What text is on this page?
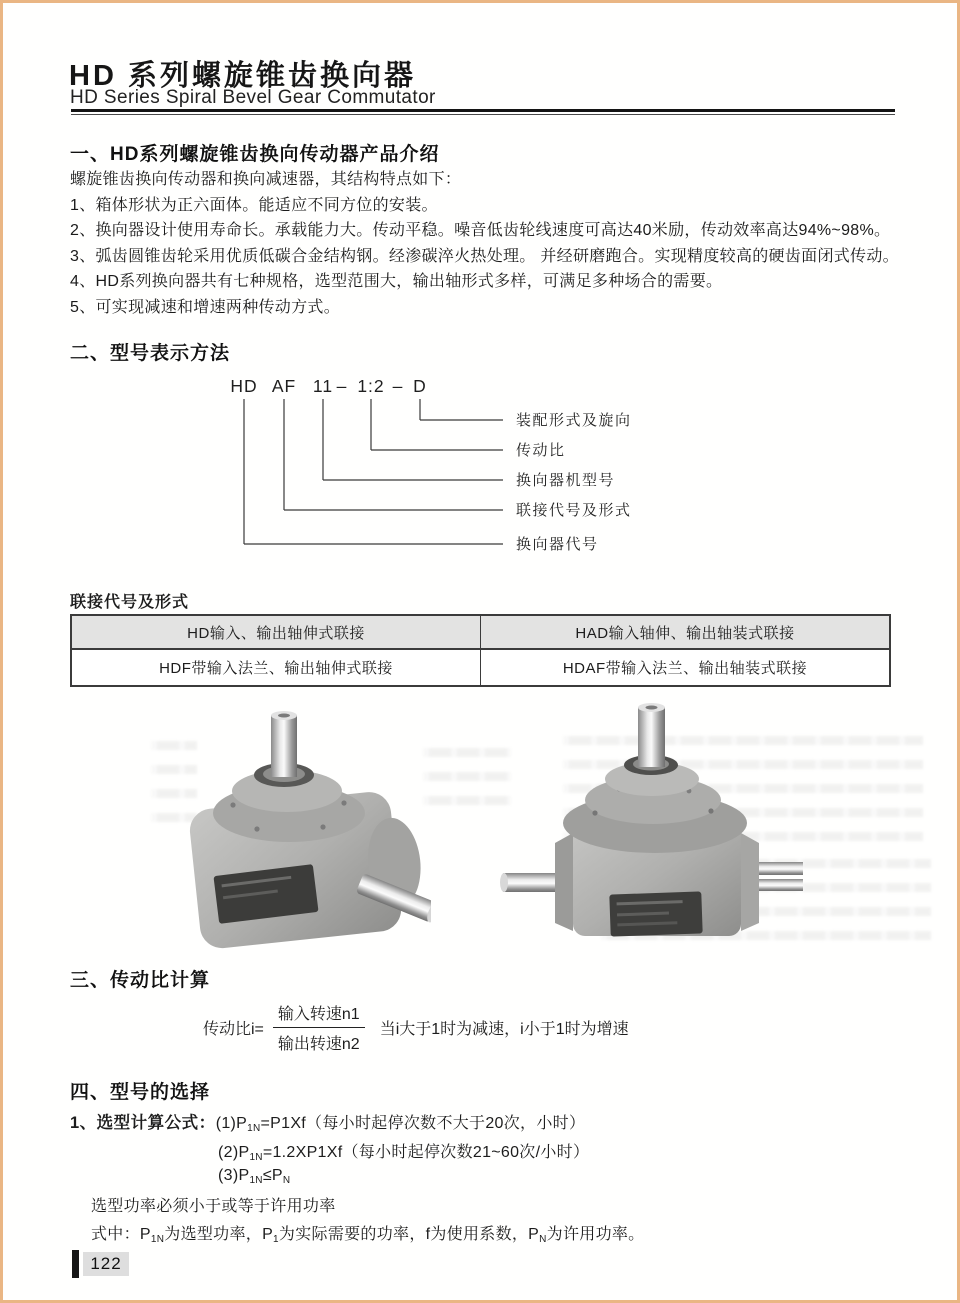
HD 系列螺旋锥齿换向器
HD Series Spiral Bevel Gear Commutator
一、HD系列螺旋锥齿换向传动器产品介绍
螺旋锥齿换向传动器和换向减速器，其结构特点如下：
1、箱体形状为正六面体。能适应不同方位的安装。
2、换向器设计使用寿命长。承载能力大。传动平稳。噪音低齿轮线速度可高达40米励，传动效率高达94%~98%。
3、弧齿圆锥齿轮采用优质低碳合金结构钢。经渗碳淬火热处理。 并经研磨跑合。实现精度较高的硬齿面闭式传动。
4、HD系列换向器共有七种规格，选型范围大，输出轴形式多样，可满足多种场合的需要。
5、可实现减速和增速两种传动方式。
二、型号表示方法
HD AF 11 – 1:2 – D
装配形式及旋向
传动比
换向器机型号
联接代号及形式
换向器代号
联接代号及形式
HD输入、输出轴伸式联接	HAD输入轴伸、输出轴装式联接
HDF带输入法兰、输出轴伸式联接	HDAF带输入法兰、输出轴装式联接
三、传动比计算
传动比$i= \frac{\text{输入转速n1}}{\text{输出转速n2}}$ 当i大于1时为减速，i小于1时为增速
四、型号的选择
1、选型计算公式：$(1)P_{1N}=P1Xf$（每小时起停次数不大于20次，小时）
$(2)P_{1N}=1.2XP1Xf$（每小时起停次数21~60次/小时）
$(3)P_{1N}\le P_N$
选型功率必须小于或等于许用功率
式中：$P_{1N}$为选型功率，$P_1$为实际需要的功率，f为使用系数，$P_N$为许用功率。
122
